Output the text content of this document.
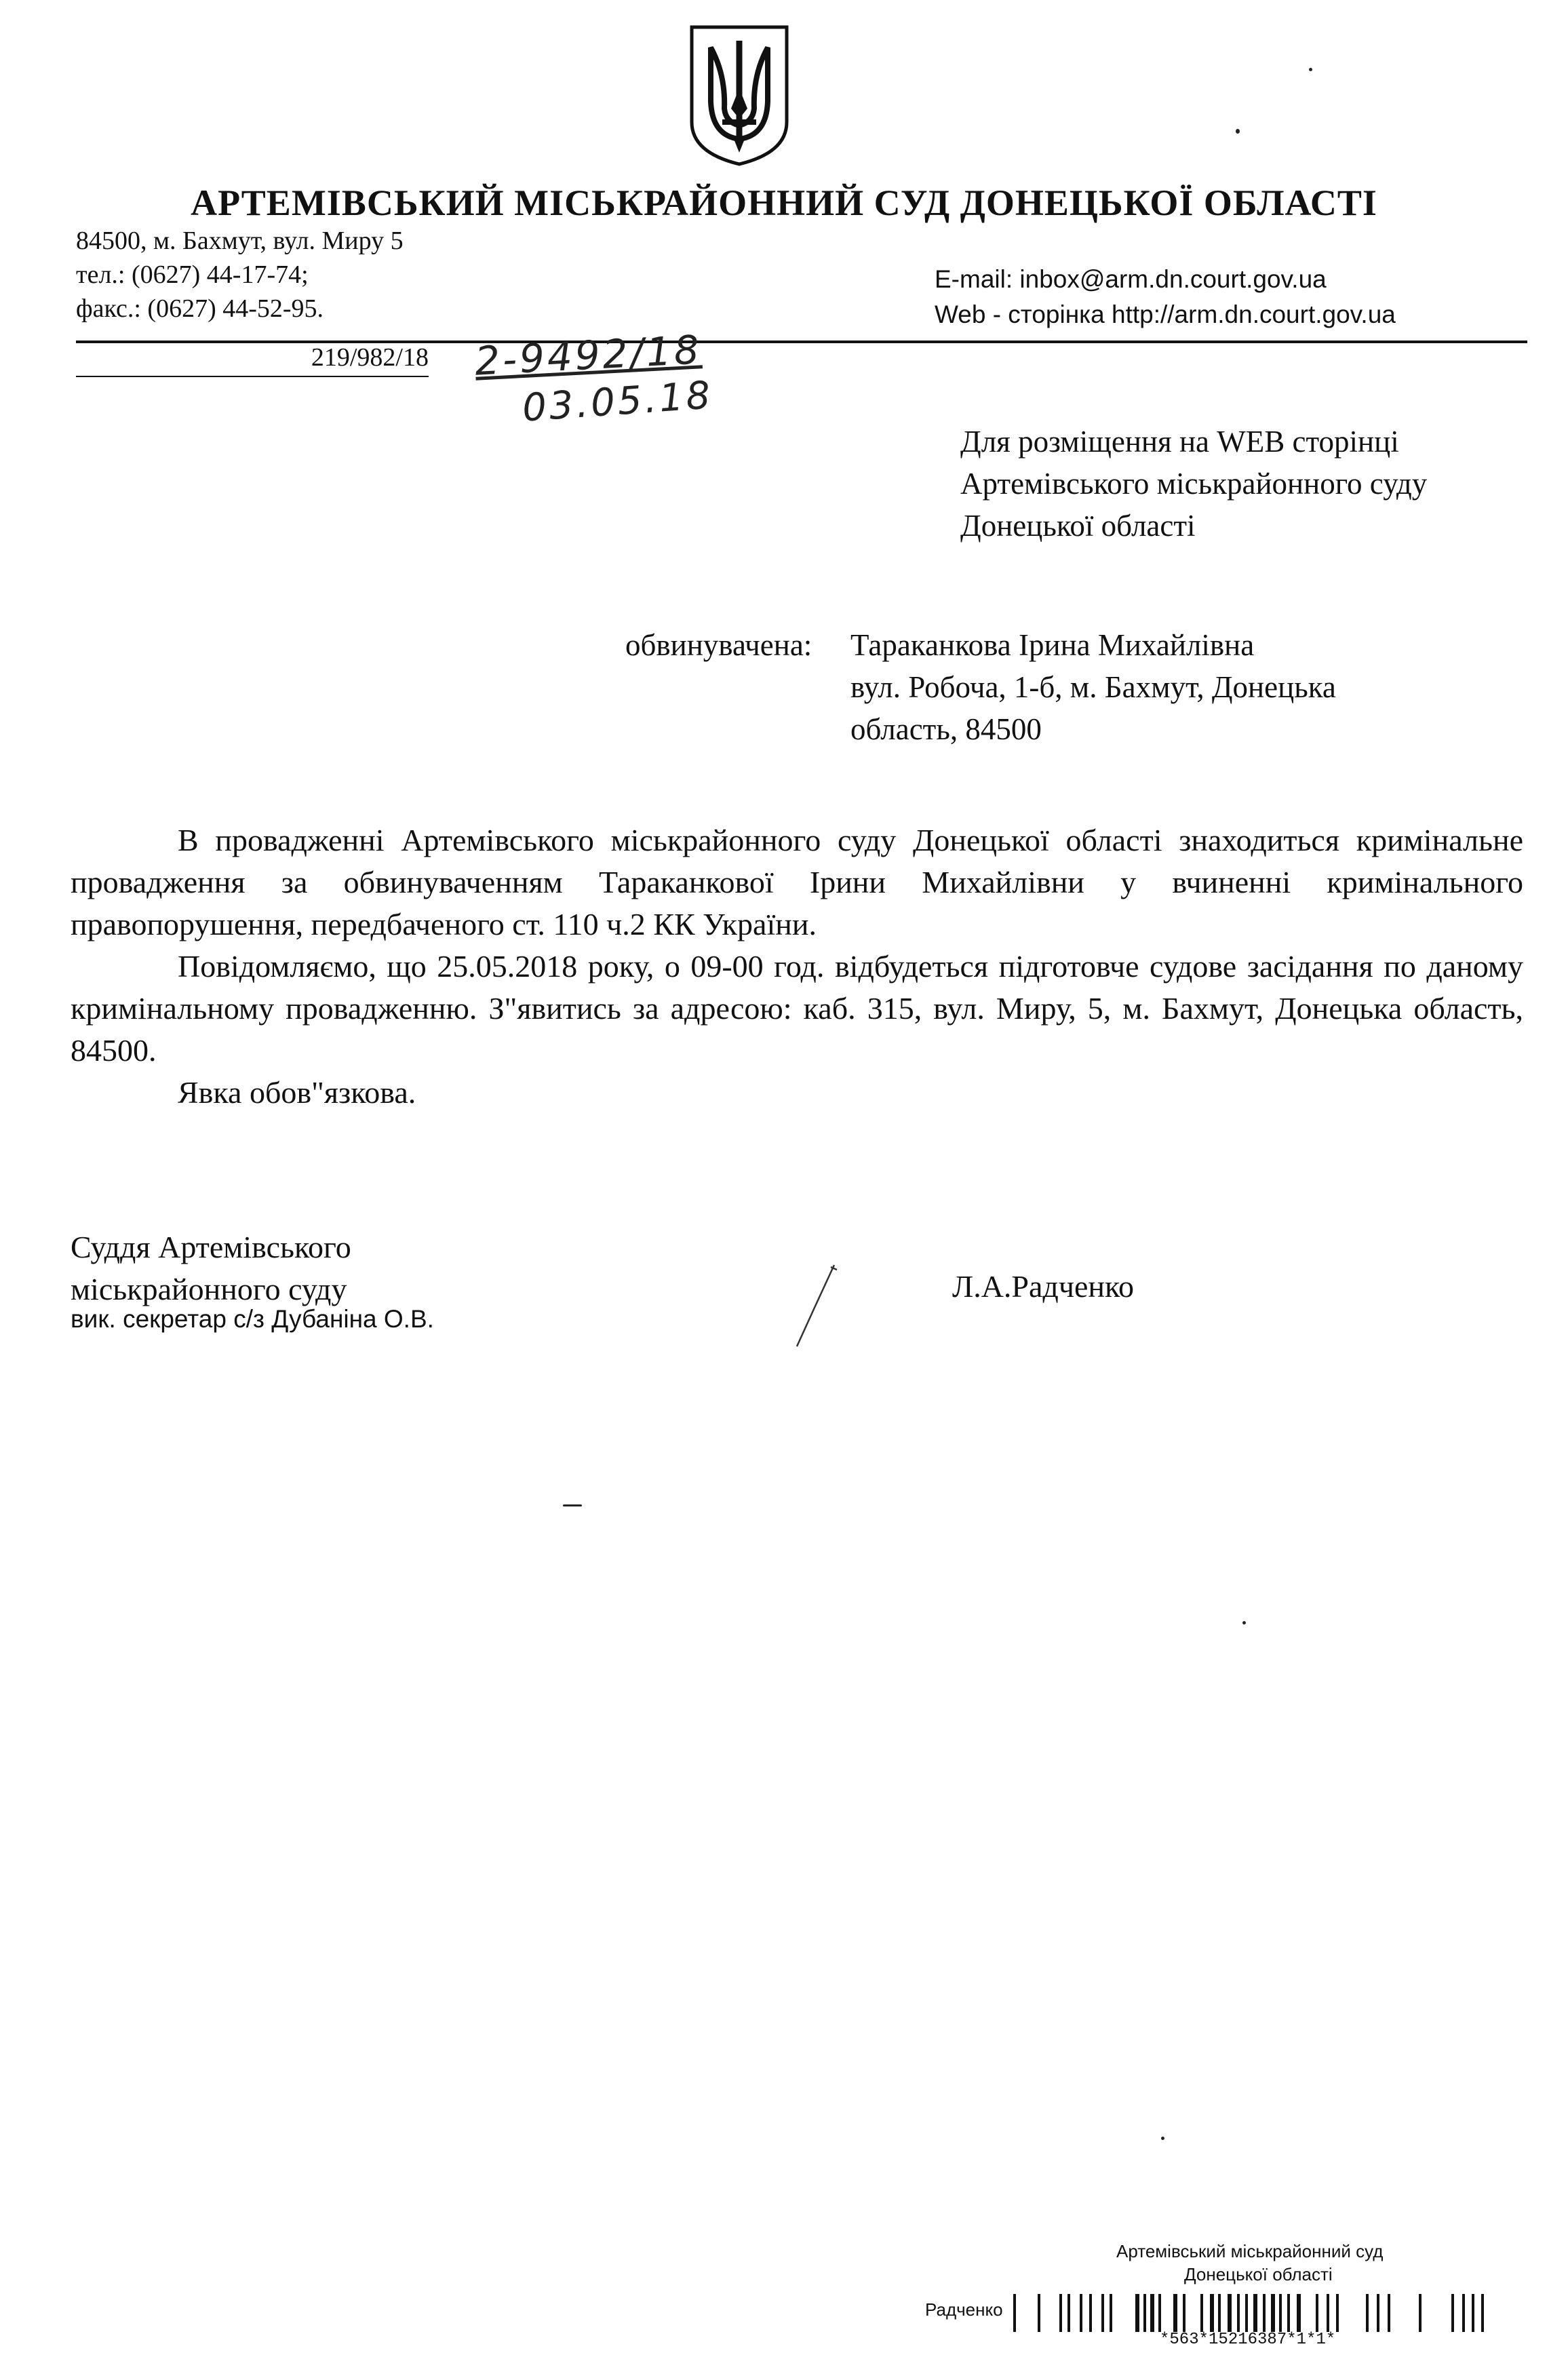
АРТЕМІВСЬКИЙ МІСЬКРАЙОННИЙ СУД ДОНЕЦЬКОЇ ОБЛАСТІ
84500, м. Бахмут, вул. Миру 5
тел.: (0627) 44-17-74;
факс.: (0627) 44-52-95.
E-mail: inbox@arm.dn.court.gov.ua
Web - сторінка http://arm.dn.court.gov.ua
219/982/18 2-9492/18
03.05.18
Для розміщення на WEB сторінці
Артемівського міськрайонного суду
Донецької області
обвинувачена: Тараканкова Ірина Михайлівна
вул. Робоча, 1-б, м. Бахмут, Донецька
область, 84500

В провадженні Артемівського міськрайонного суду Донецької області знаходиться кримінальне провадження за обвинуваченням Тараканкової Ірини Михайлівни у вчиненні кримінального правопорушення, передбаченого ст. 110 ч.2 КК України.

Повідомляємо, що 25.05.2018 року, о 09-00 год. відбудеться підготовче судове засідання по даному кримінальному провадженню. З"явитись за адресою: каб. 315, вул. Миру, 5, м. Бахмут, Донецька область, 84500.

Явка обов"язкова.

Суддя Артемівського
міськрайонного суду
вик. секретар с/з Дубаніна О.В.
Л.А.Радченко
Артемівський міськрайонний суд
Донецької області
Радченко
*563*15216387*1*1*
